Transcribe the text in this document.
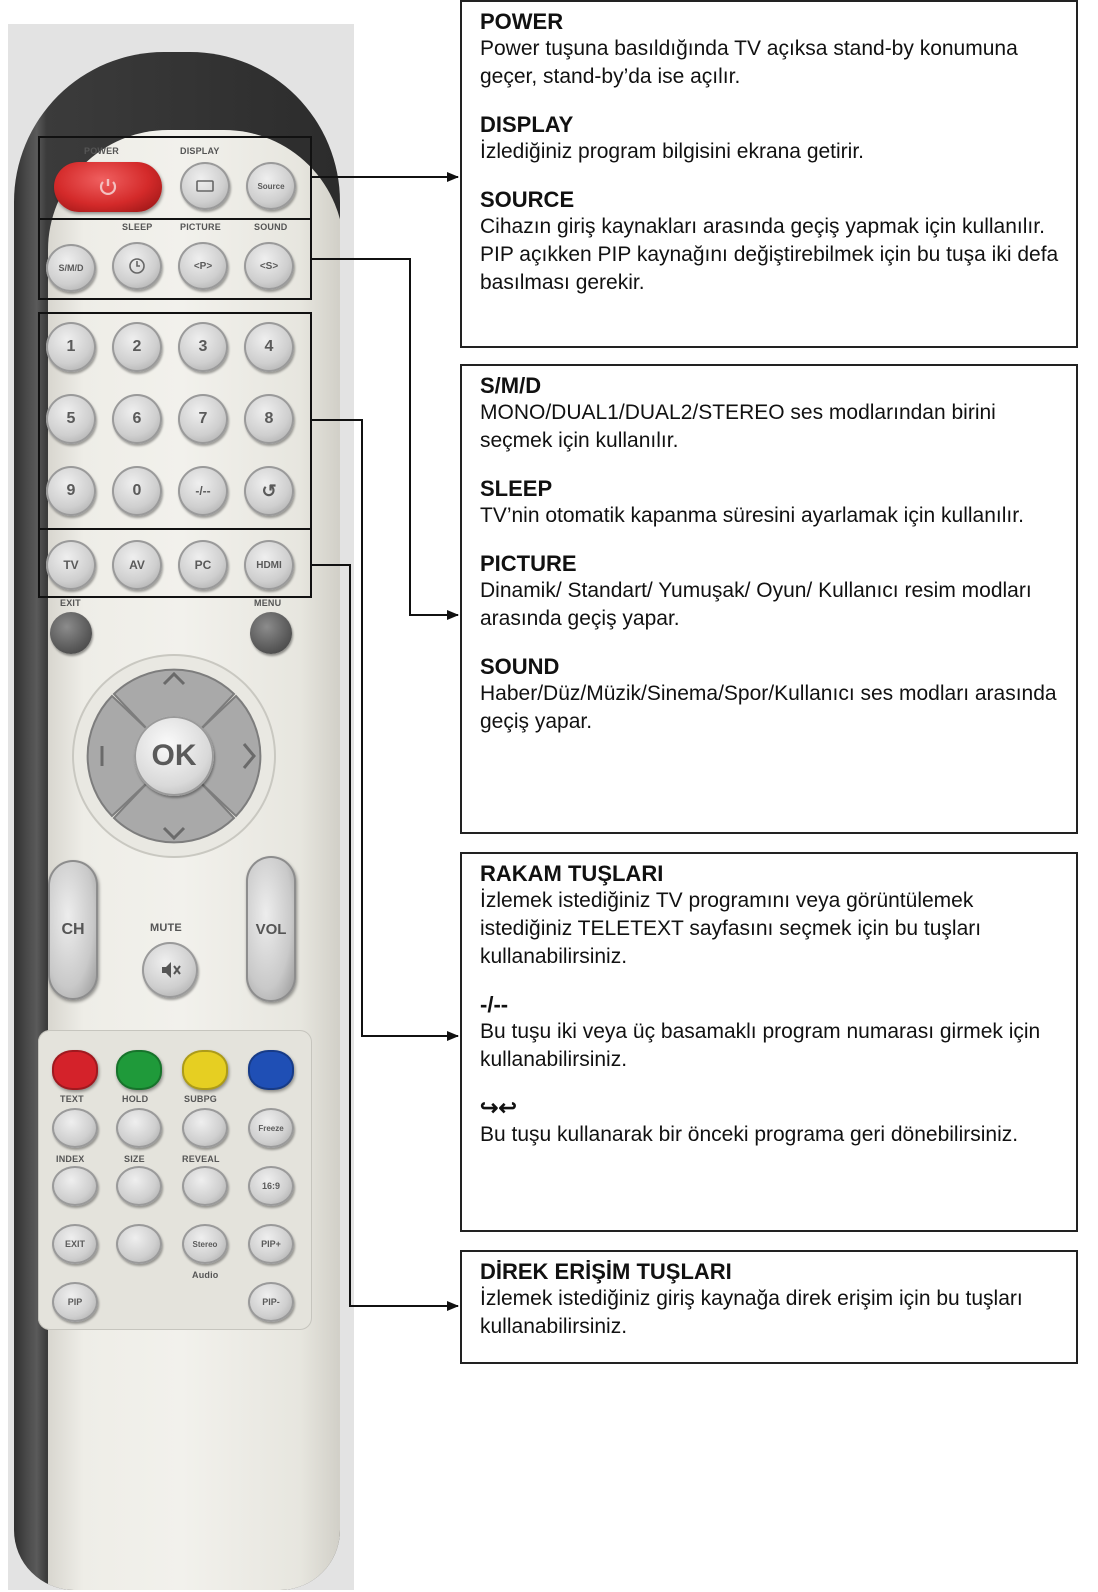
POWER	DISPLAY
Source
SLEEP	PICTURE	SOUND
S/M/D	<P>	<S>
1	2	3	4
5	6	7	8
9	0	-/--	↺
TV	AV	PC	HDMI
EXIT	MENU
OK
CH	MUTE	VOL
TEXT	HOLD	SUBPG
Freeze
INDEX	SIZE	REVEAL
16:9
EXIT	Stereo	PIP+
Audio
PIP	PIP-
POWER
Power tuşuna basıldığında TV açıksa stand-by konumuna geçer, stand-by’da ise açılır.
DISPLAY
İzlediğiniz program bilgisini ekrana getirir.
SOURCE
Cihazın giriş kaynakları arasında geçiş yapmak için kullanılır. PIP açıkken PIP kaynağını değiştirebilmek için bu tuşa iki defa basılması gerekir.
S/M/D
MONO/DUAL1/DUAL2/STEREO ses modlarından birini seçmek için kullanılır.
SLEEP
TV’nin otomatik kapanma süresini ayarlamak için kullanılır.
PICTURE
Dinamik/ Standart/ Yumuşak/ Oyun/ Kullanıcı resim modları arasında geçiş yapar.
SOUND
Haber/Düz/Müzik/Sinema/Spor/Kullanıcı ses modları arasında geçiş yapar.
RAKAM TUŞLARI
İzlemek istediğiniz TV programını veya görüntülemek istediğiniz TELETEXT sayfasını seçmek için bu tuşları kullanabilirsiniz.
-/--
Bu tuşu iki veya üç basamaklı program numarası girmek için kullanabilirsiniz.
↪↩
Bu tuşu kullanarak bir önceki programa geri dönebilirsiniz.
DİREK ERİŞİM TUŞLARI
İzlemek istediğiniz giriş kaynağa direk erişim için bu tuşları kullanabilirsiniz.
